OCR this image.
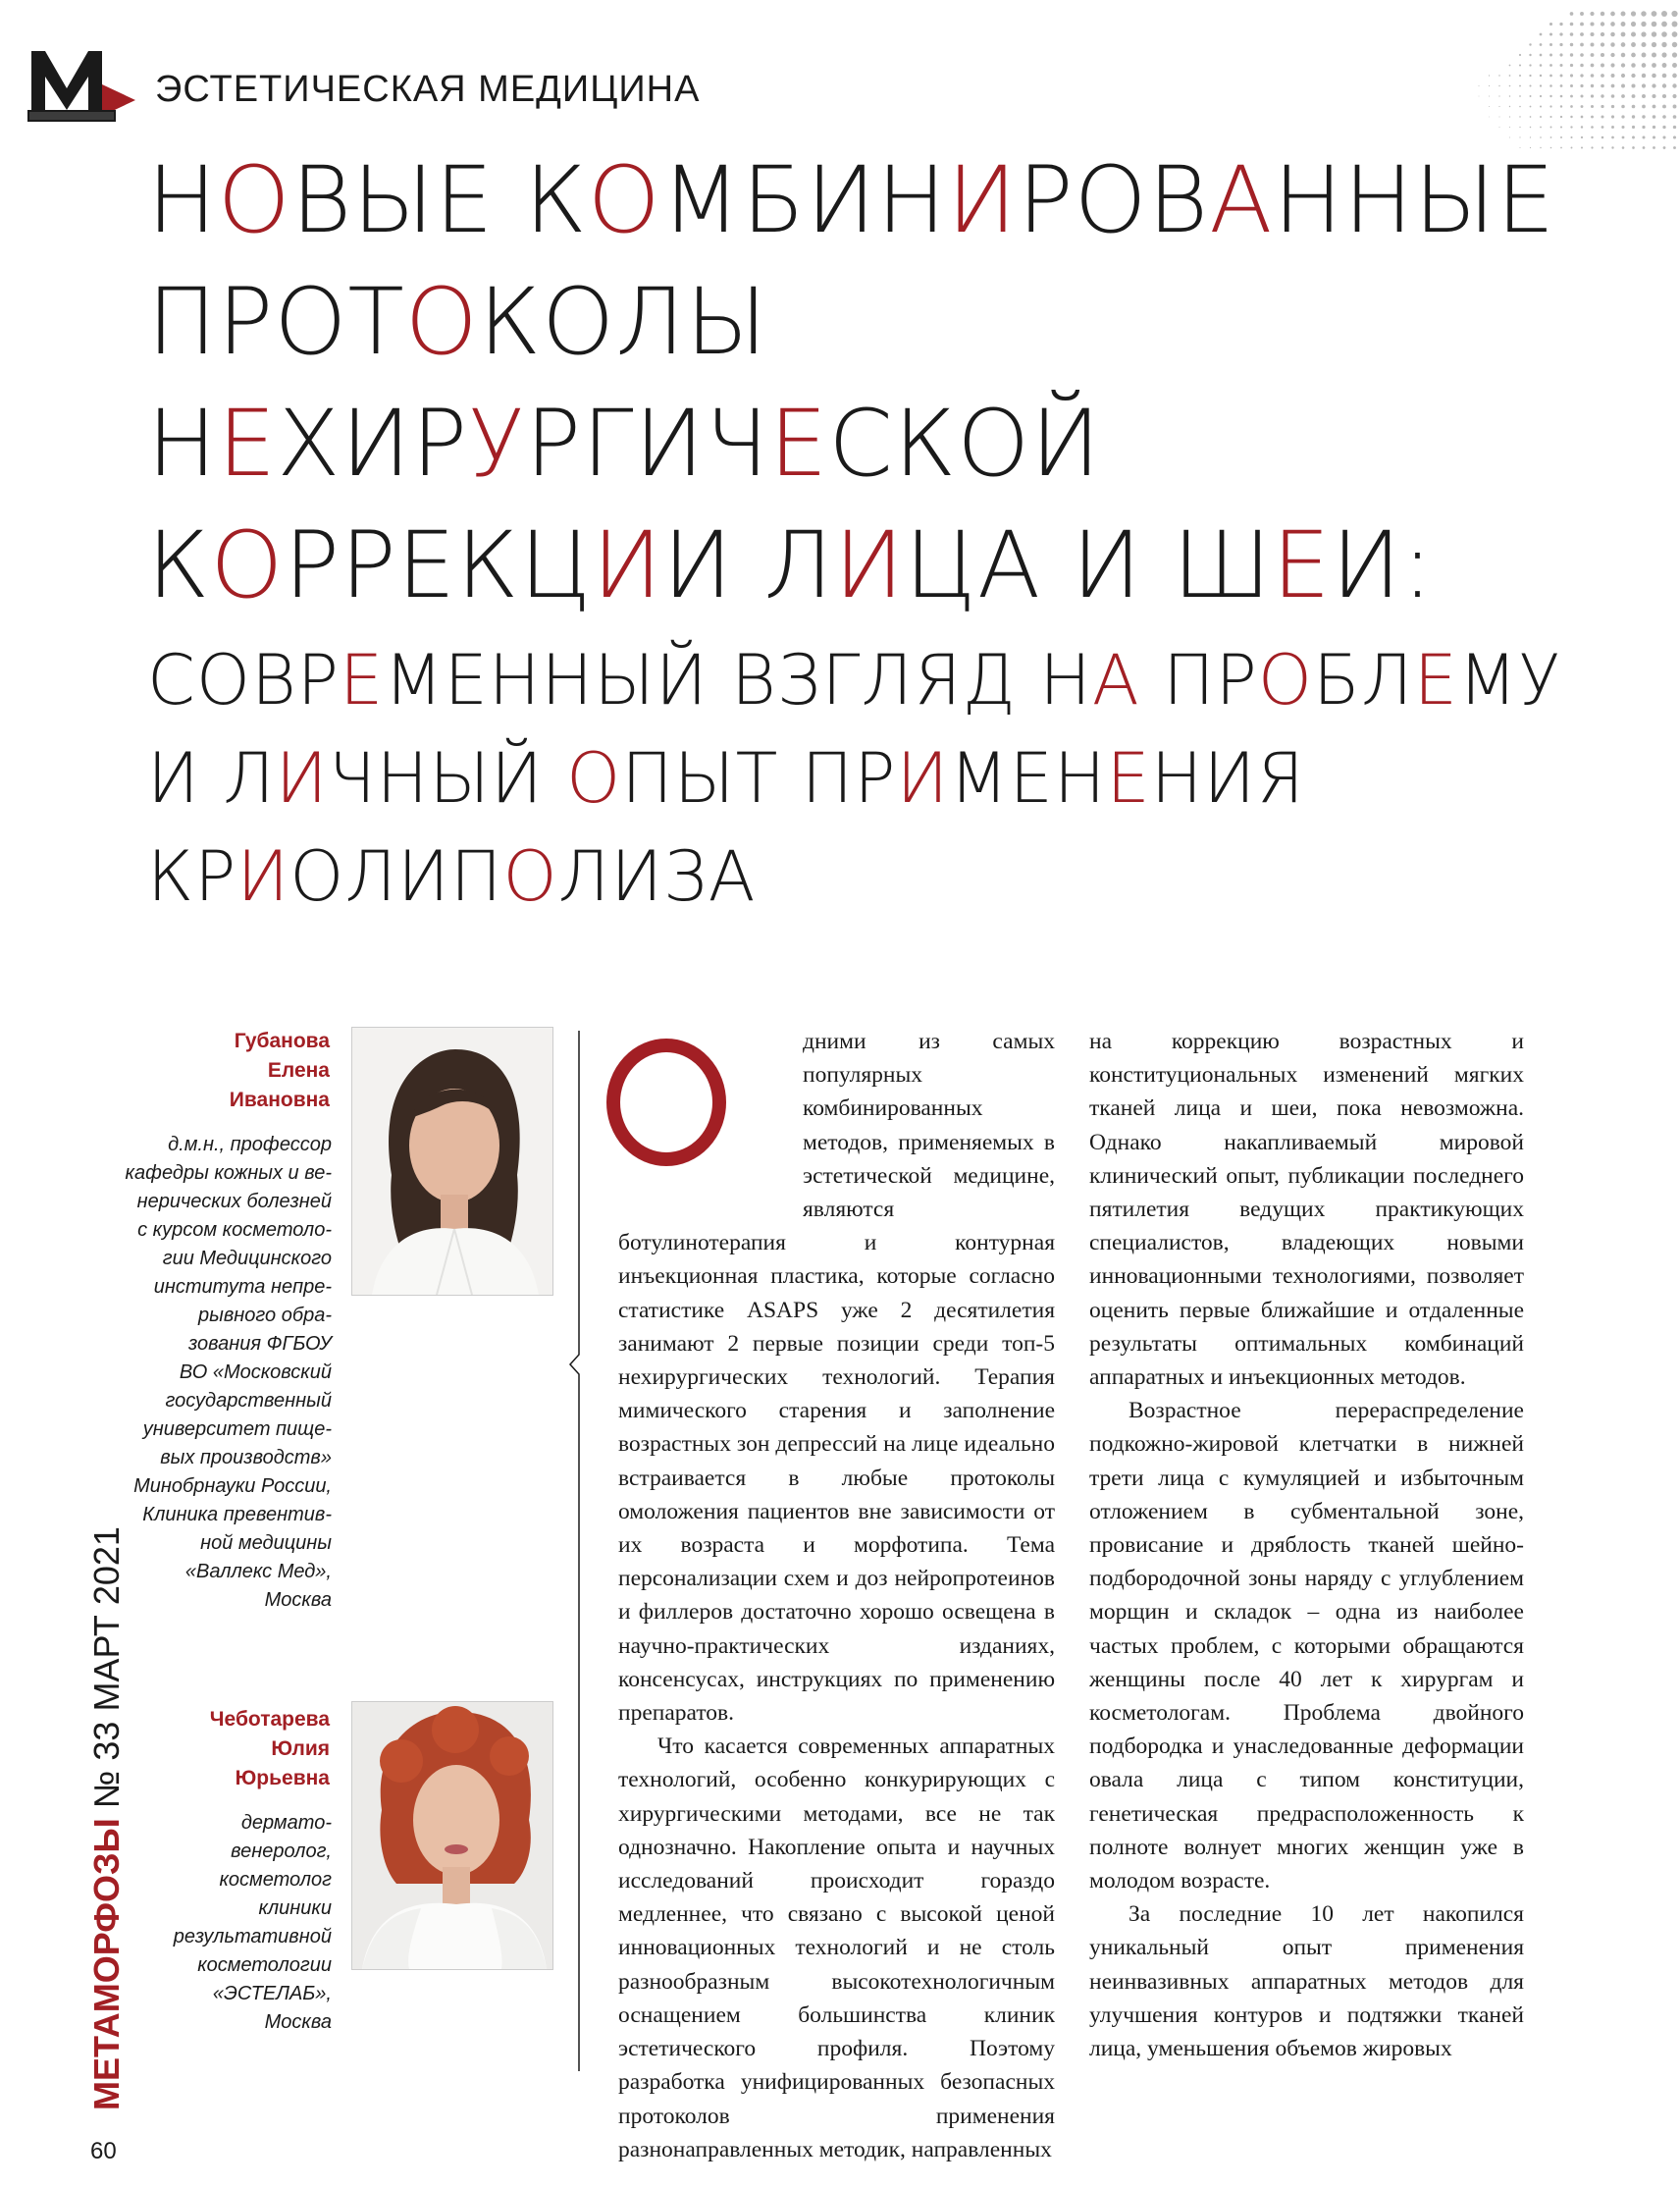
ЭСТЕТИЧЕСКАЯ МЕДИЦИНА
НОВЫЕ КОМБИНИРОВАННЫЕ
ПРОТОКОЛЫ
НЕХИРУРГИЧЕСКОЙ
КОРРЕКЦИИ ЛИЦА И ШЕИ:
СОВРЕМЕННЫЙ ВЗГЛЯД НА ПРОБЛЕМУ
И ЛИЧНЫЙ ОПЫТ ПРИМЕНЕНИЯ
КРИОЛИПОЛИЗА
Губанова
Елена
Ивановна
д.м.н., профессор
кафедры кожных и ве-
нерических болезней
с курсом косметоло-
гии Медицинского
института непре-
рывного обра-
зования ФГБОУ
ВО «Московский
государственный
университет пище-
вых производств»
Минобрнауки России,
Клиника превентив-
ной медицины
«Валлекс Мед»,
Москва
Чеботарева
Юлия
Юрьевна
дермато-
венеролог,
косметолог
клиники
результативной
косметологии
«ЭСТЕЛАБ»,
Москва
МЕТАМОРФОЗЫ № 33 МАРТ 2021
60

дними из самых популярных комбинированных методов, применяемых в эстетической медицине, являются ботулинотерапия и контурная инъекционная пластика, которые согласно статистике ASAPS уже 2 десятилетия занимают 2 первые позиции среди топ-5 нехирургических технологий. Терапия мимического старения и заполнение возрастных зон депрессий на лице идеально встраивается в любые протоколы омоложения пациентов вне зависимости от их возраста и морфотипа. Тема персонализации схем и доз нейропротеинов и филлеров достаточно хорошо освещена в научно-практических изданиях, консенсусах, инструкциях по применению препаратов.

Что касается современных аппаратных технологий, особенно конкурирующих с хирургическими методами, все не так однозначно. Накопление опыта и научных исследований происходит гораздо медленнее, что связано с высокой ценой инновационных технологий и не столь разнообразным высокотехнологичным оснащением большинства клиник эстетического профиля. Поэтому разработка унифицированных безопасных протоколов применения разнонаправленных методик, направленных

на коррекцию возрастных и конституциональных изменений мягких тканей лица и шеи, пока невозможна. Однако накапливаемый мировой клинический опыт, публикации последнего пятилетия ведущих практикующих специалистов, владеющих новыми инновационными технологиями, позволяет оценить первые ближайшие и отдаленные результаты оптимальных комбинаций аппаратных и инъекционных методов.

Возрастное перераспределение подкожно-жировой клетчатки в нижней трети лица с кумуляцией и избыточным отложением в субментальной зоне, провисание и дряблость тканей шейно-подбородочной зоны наряду с углублением морщин и складок – одна из наиболее частых проблем, с которыми обращаются женщины после 40 лет к хирургам и косметологам. Проблема двойного подбородка и унаследованные деформации овала лица с типом конституции, генетическая предрасположенность к полноте волнует многих женщин уже в молодом возрасте.

За последние 10 лет накопился уникальный опыт применения неинвазивных аппаратных методов для улучшения контуров и подтяжки тканей лица, уменьшения объемов жировых
